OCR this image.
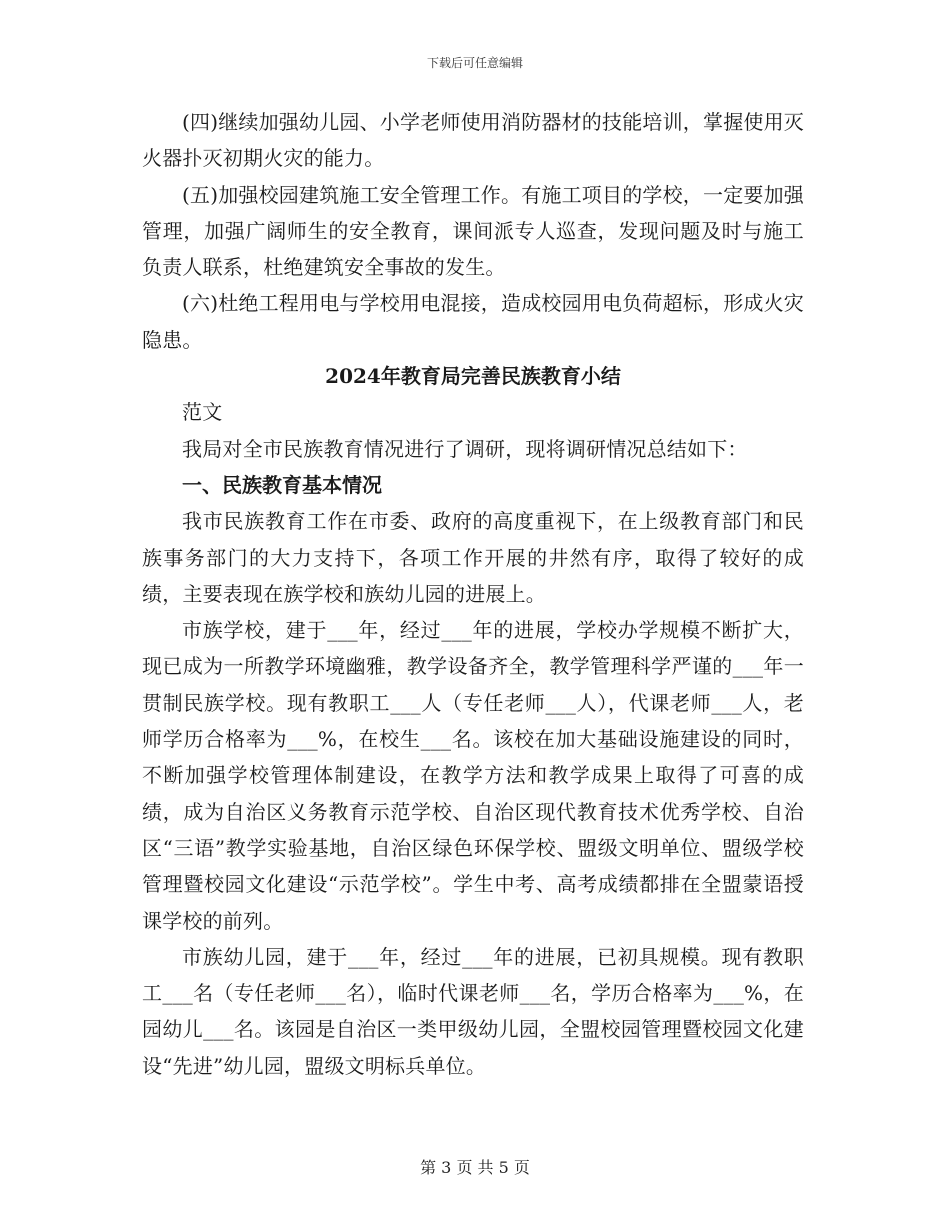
下载后可任意编辑

(四)继续加强幼儿园、小学老师使用消防器材的技能培训，掌握使用灭火器扑灭初期火灾的能力。

(五)加强校园建筑施工安全管理工作。有施工项目的学校，一定要加强管理，加强广阔师生的安全教育，课间派专人巡查，发现问题及时与施工负责人联系，杜绝建筑安全事故的发生。

(六)杜绝工程用电与学校用电混接，造成校园用电负荷超标，形成火灾隐患。

2024年教育局完善民族教育小结

范文

我局对全市民族教育情况进行了调研，现将调研情况总结如下：

一、民族教育基本情况

我市民族教育工作在市委、政府的高度重视下，在上级教育部门和民族事务部门的大力支持下，各项工作开展的井然有序，取得了较好的成绩，主要表现在族学校和族幼儿园的进展上。

市族学校，建于___年，经过___年的进展，学校办学规模不断扩大，现已成为一所教学环境幽雅，教学设备齐全，教学管理科学严谨的___年一贯制民族学校。现有教职工___人（专任老师___人），代课老师___人，老师学历合格率为___%，在校生___名。该校在加大基础设施建设的同时，不断加强学校管理体制建设，在教学方法和教学成果上取得了可喜的成绩，成为自治区义务教育示范学校、自治区现代教育技术优秀学校、自治区“三语”教学实验基地，自治区绿色环保学校、盟级文明单位、盟级学校管理暨校园文化建设“示范学校”。学生中考、高考成绩都排在全盟蒙语授课学校的前列。

市族幼儿园，建于___年，经过___年的进展，已初具规模。现有教职工___名（专任老师___名），临时代课老师___名，学历合格率为___%，在园幼儿___名。该园是自治区一类甲级幼儿园，全盟校园管理暨校园文化建设“先进”幼儿园，盟级文明标兵单位。

第 3 页 共 5 页
